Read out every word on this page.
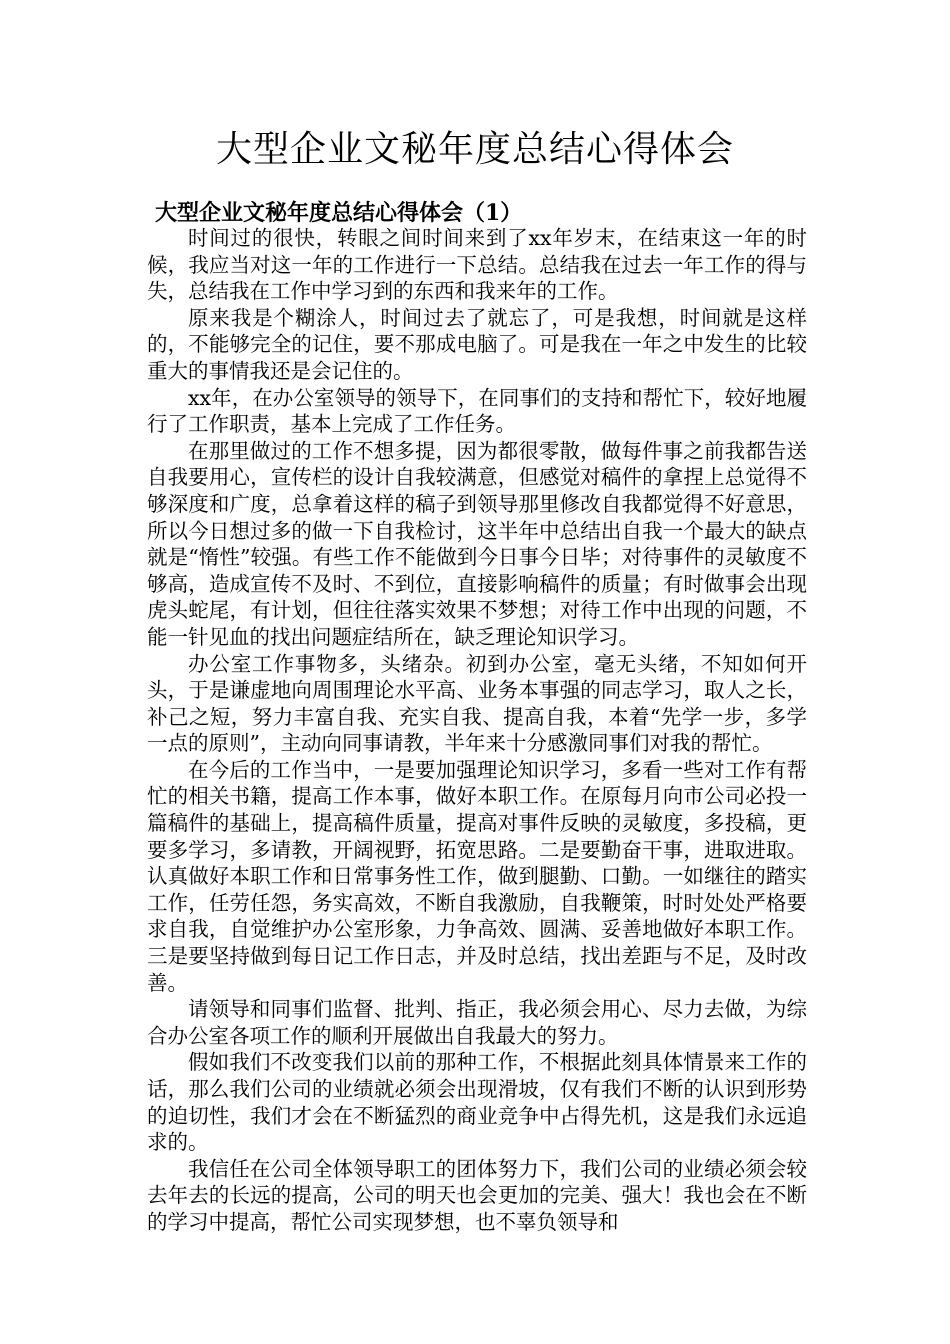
大型企业文秘年度总结心得体会
大型企业文秘年度总结心得体会（1）

时间过的很快，转眼之间时间来到了xx年岁末，在结束这一年的时候，我应当对这一年的工作进行一下总结。总结我在过去一年工作的得与失，总结我在工作中学习到的东西和我来年的工作。

原来我是个糊涂人，时间过去了就忘了，可是我想，时间就是这样的，不能够完全的记住，要不那成电脑了。可是我在一年之中发生的比较重大的事情我还是会记住的。

xx年，在办公室领导的领导下，在同事们的支持和帮忙下，较好地履行了工作职责，基本上完成了工作任务。

在那里做过的工作不想多提，因为都很零散，做每件事之前我都告送自我要用心，宣传栏的设计自我较满意，但感觉对稿件的拿捏上总觉得不够深度和广度，总拿着这样的稿子到领导那里修改自我都觉得不好意思，所以今日想过多的做一下自我检讨，这半年中总结出自我一个最大的缺点就是“惰性”较强。有些工作不能做到今日事今日毕；对待事件的灵敏度不够高，造成宣传不及时、不到位，直接影响稿件的质量；有时做事会出现虎头蛇尾，有计划，但往往落实效果不梦想；对待工作中出现的问题，不能一针见血的找出问题症结所在，缺乏理论知识学习。

办公室工作事物多，头绪杂。初到办公室，毫无头绪，不知如何开头，于是谦虚地向周围理论水平高、业务本事强的同志学习，取人之长，补己之短，努力丰富自我、充实自我、提高自我，本着“先学一步，多学一点的原则”，主动向同事请教，半年来十分感激同事们对我的帮忙。

在今后的工作当中，一是要加强理论知识学习，多看一些对工作有帮忙的相关书籍，提高工作本事，做好本职工作。在原每月向市公司必投一篇稿件的基础上，提高稿件质量，提高对事件反映的灵敏度，多投稿，更要多学习，多请教，开阔视野，拓宽思路。二是要勤奋干事，进取进取。认真做好本职工作和日常事务性工作，做到腿勤、口勤。一如继往的踏实工作，任劳任怨，务实高效，不断自我激励，自我鞭策，时时处处严格要求自我，自觉维护办公室形象，力争高效、圆满、妥善地做好本职工作。三是要坚持做到每日记工作日志，并及时总结，找出差距与不足，及时改善。

请领导和同事们监督、批判、指正，我必须会用心、尽力去做，为综合办公室各项工作的顺利开展做出自我最大的努力。

假如我们不改变我们以前的那种工作，不根据此刻具体情景来工作的话，那么我们公司的业绩就必须会出现滑坡，仅有我们不断的认识到形势的迫切性，我们才会在不断猛烈的商业竞争中占得先机，这是我们永远追求的。

我信任在公司全体领导职工的团体努力下，我们公司的业绩必须会较去年去的长远的提高，公司的明天也会更加的完美、强大！我也会在不断的学习中提高，帮忙公司实现梦想，也不辜负领导和
